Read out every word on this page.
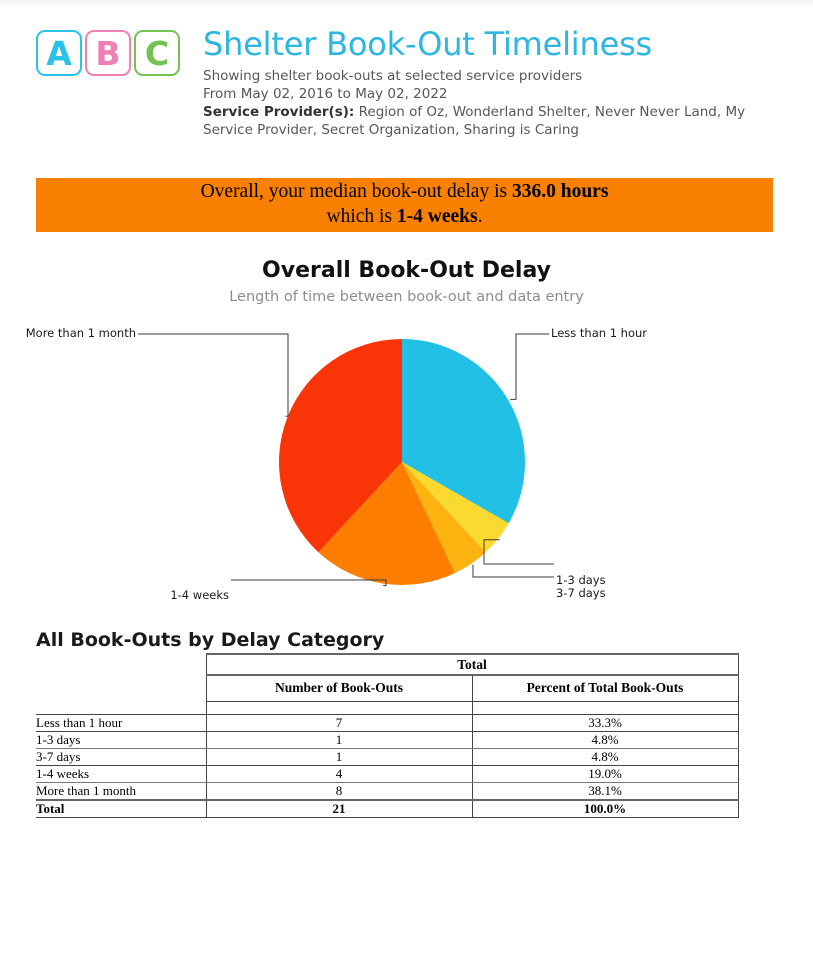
A B C Shelter Book-Out Timeliness
Showing shelter book-outs at selected service providers
From May 02, 2016 to May 02, 2022
Service Provider(s): Region of Oz, Wonderland Shelter, Never Never Land, My Service Provider, Secret Organization, Sharing is Caring
Overall, your median book-out delay is 336.0 hours
which is 1-4 weeks.
Overall Book-Out Delay
Length of time between book-out and data entry
Less than 1 hour
1-3 days
3-7 days
1-4 weeks
More than 1 month
All Book-Outs by Delay Category
	Total	
	Number of Book-Outs	Percent of Total Book-Outs

Less than 1 hour	7	33.3%
1-3 days	1	4.8%
3-7 days	1	4.8%
1-4 weeks	4	19.0%
More than 1 month	8	38.1%
Total	21	100.0%
